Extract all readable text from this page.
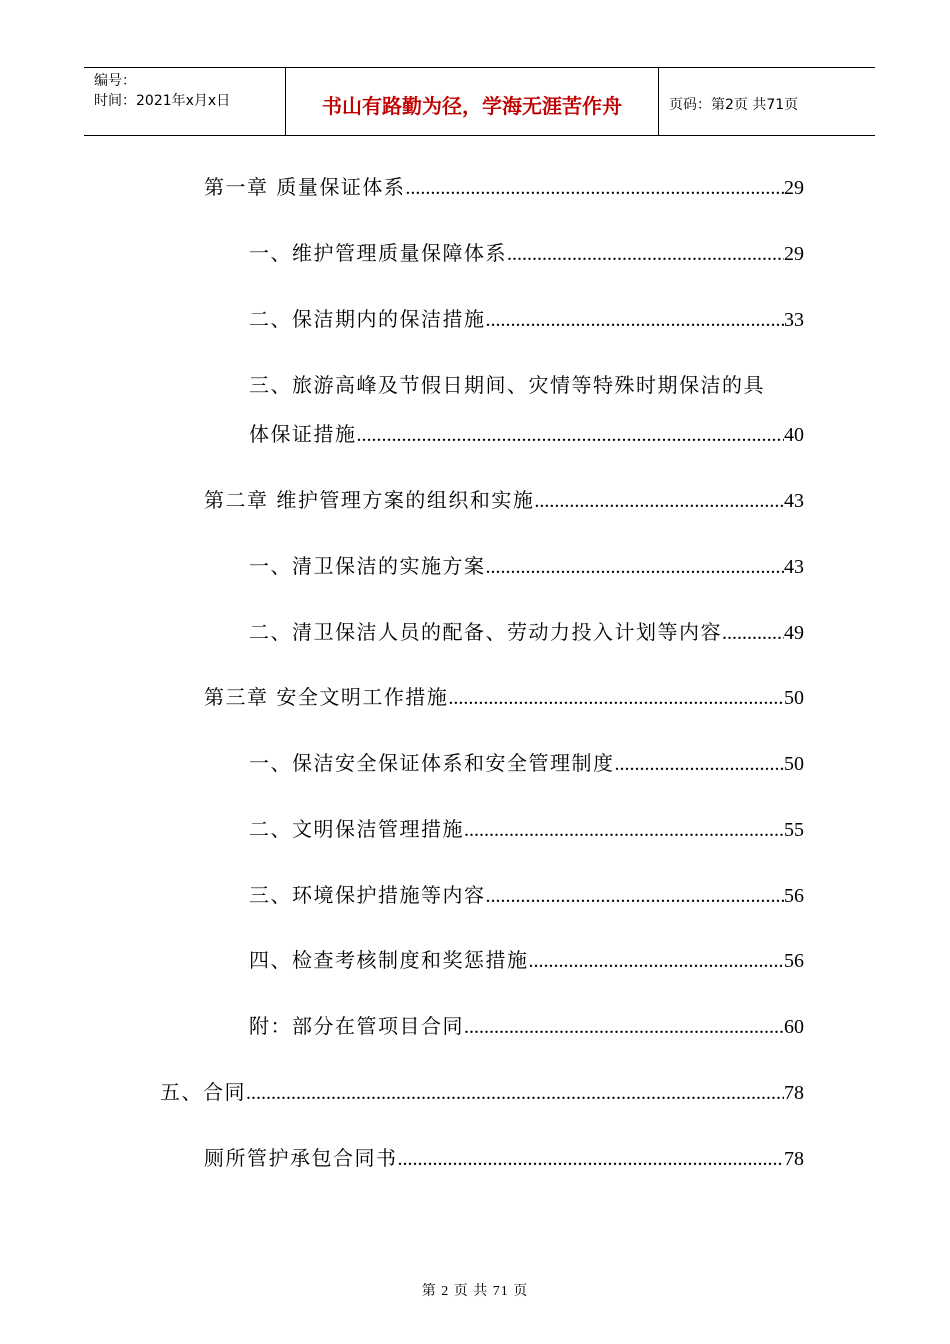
编号：
时间：2021年x月x日	书山有路勤为径，学海无涯苦作舟	页码：第2页 共71页
第一章 质量保证体系 .....	29
一、维护管理质量保障体系 .....	29
二、保洁期内的保洁措施 .....	33
三、旅游高峰及节假日期间、灾情等特殊时期保洁的具
体保证措施 .....	40
第二章 维护管理方案的组织和实施 .....	43
一、清卫保洁的实施方案 .....	43
二、清卫保洁人员的配备、劳动力投入计划等内容 .....	49
第三章 安全文明工作措施 .....	50
一、保洁安全保证体系和安全管理制度 .....	50
二、文明保洁管理措施 .....	55
三、环境保护措施等内容 .....	56
四、检查考核制度和奖惩措施 .....	56
附：部分在管项目合同 .....	60
五、合同 .....	78
厕所管护承包合同书 .....	78
第 2 页 共 71 页
